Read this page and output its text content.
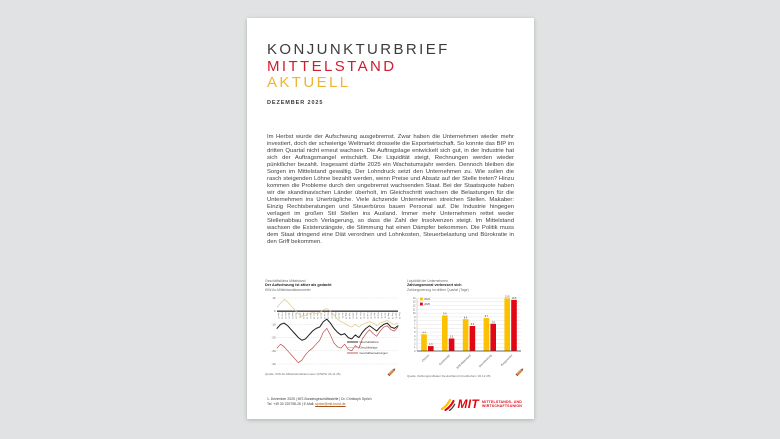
KONJUNKTURBRIEF
MITTELSTAND
AKTUELL
DEZEMBER 2025
Im Herbst wurde der Aufschwung ausgebremst. Zwar haben die Unternehmen wieder mehr investiert, doch der schwierige Weltmarkt drosselte die Exportwirtschaft. So konnte das BIP im dritten Quartal nicht erneut wachsen. Die Auftragslage entwickelt sich gut, in der Industrie hat sich der Auftragsmangel entschärft. Die Liquidität steigt, Rechnungen werden wieder pünktlicher bezahlt. Insgesamt dürfte 2025 ein Wachstumsjahr werden. Dennoch bleiben die Sorgen im Mittelstand gewaltig. Der Lohndruck setzt den Unternehmen zu. Wie sollen die rasch steigenden Löhne bezahlt werden, wenn Preise und Absatz auf der Stelle treten? Hinzu kommen die Probleme durch den ungebremst wachsenden Staat. Bei der Staatsquote haben wir die skandinavischen Länder überholt, im Gleichschritt wachsen die Belastungen für die Unternehmen ins Unerträgliche. Viele ächzende Unternehmen streichen Stellen. Makaber: Einzig Rechtsberatungen und Steuerbüros bauen Personal auf. Die Industrie hingegen verlagert im großen Stil Stellen ins Ausland. Immer mehr Unternehmen rettet weder Stellenabbau noch Verlagerung, so dass die Zahl der Insolvenzen steigt. Im Mittelstand wachsen die Existenzängste, die Stimmung hat einen Dämpfer bekommen. Die Politik muss dem Staat dringend eine Diät verordnen und Lohnkosten, Steuerbelastung und Bürokratie in den Griff bekommen.
Geschäftsklima Mittelstand
Der Aufschwung ist zäher als gedacht
KfW-ifo-Mittelstandsbarometer
10
0
-10
-20
-30
-40
Jan 23 Feb 23 Mrz 23 Apr 23 Mai 23 Jun 23 Jul 23 Aug 23 Sep 23 Okt 23 Nov 23 Dez 23 Jan 24 Feb 24 Mrz 24 Apr 24 Mai 24 Jun 24 Jul 24 Aug 24 Sep 24 Okt 24 Nov 24 Dez 24 Jan 25 Feb 25 Mrz 25 Apr 25 Mai 25 Jun 25 Jul 25 Aug 25 Sep 25 Okt 25 Nov 25
Geschäftsklima
Geschäftslage
Geschäftserwartungen
Quelle: KfW-ifo-Mittelstandsbarometer (KfW/ifo 26.11.25)
Liquidität der Unternehmen
Zahlungsmoral verbessert sich
Zahlungsverzug im dritten Quartal (Tage)
0
1
2
3
4
5
6
7
8
9
10
11
12
13
14
4.4
1.3
Chemie
9.4
3.3
Großhandel
8.4
6.6
B2B-Mittelstand
8.7
7.2
Dienstleistung
13.9
13.5
Baugewerbe
2024
2025
Quelle: Zahlungsindikator Deutschland (Creditreform 02.12.25)
1. Dezember 2025 | MIT-Bundesgeschäftsstelle | Dr. Christoph Sprich
Tel. +49 30 220798-26 | E-Mail: sprich@mit-bund.de	MIT MITTELSTANDS- UND
WIRTSCHAFTSUNION
